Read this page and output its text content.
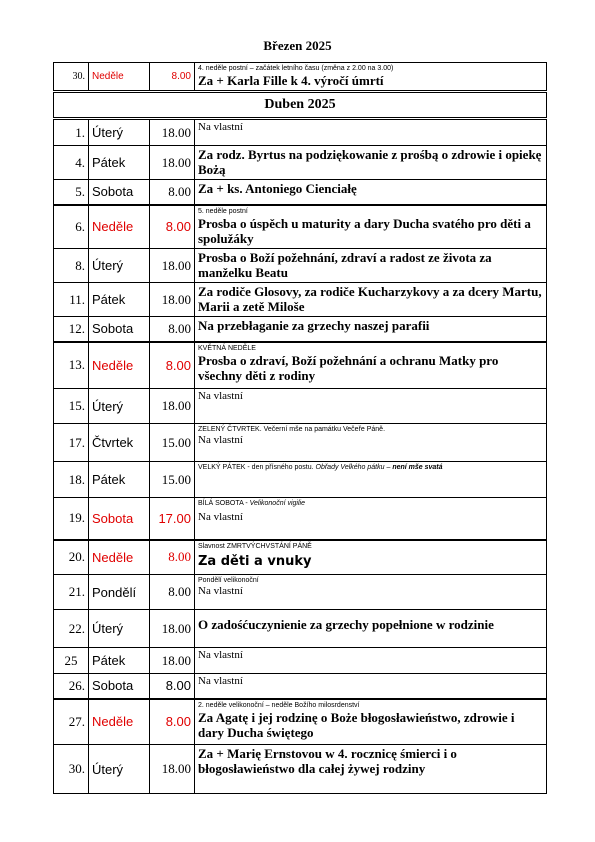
Březen 2025
30.	Neděle	8.00	4. neděle postní – začátek letního času (změna z 2.00 na 3.00)
Za + Karla Fille k 4. výročí úmrtí

Duben 2025			
1.	Úterý	18.00	Na vlastní

4.	Pátek	18.00	Za rodz. Byrtus na podziękowanie z prośbą o zdrowie i opiekę Bożą

5.	Sobota	8.00	Za + ks. Antoniego Cienciałę

6.	Neděle	8.00	5. neděle postní
Prosba o úspěch u maturity a dary Ducha svatého pro děti a spolužáky

8.	Úterý	18.00	Prosba o Boží požehnání, zdraví a radost ze života za manželku Beatu

11.	Pátek	18.00	Za rodiče Glosovy, za rodiče Kucharzykovy a za dcery Martu, Marii a zetě Miloše

12.	Sobota	8.00	Na przebłaganie za grzechy naszej parafii

13.	Neděle	8.00	KVĚTNÁ NEDĚLE
Prosba o zdraví, Boží požehnání a ochranu Matky pro všechny děti z rodiny

15.	Úterý	18.00	Na vlastní

17.	Čtvrtek	15.00	ZELENÝ ČTVRTEK. Večerní mše na památku Večeře Páně.
Na vlastní

18.	Pátek	15.00	VELKÝ PÁTEK - den přísného postu. Obřady Velkého pátku – není mše svatá

19.	Sobota	17.00	BÍLÁ SOBOTA - Velikonoční vigilie
Na vlastní

20.	Neděle	8.00	Slavnost ZMRTVÝCHVSTÁNÍ PÁNĚ
Za děti a vnuky

21.	Pondělí	8.00	Pondělí velikonoční
Na vlastní

22.	Úterý	18.00	O zadośćuczynienie za grzechy popełnione w rodzinie

25	Pátek	18.00	Na vlastní

26.	Sobota	8.00	Na vlastní

27.	Neděle	8.00	2. neděle velikonoční – neděle Božího milosrdenství
Za Agatę i jej rodzinę o Boże błogosławieństwo, zdrowie i dary Ducha świętego

30.	Úterý	18.00	Za + Marię Ernstovou w 4. rocznicę śmierci i o błogosławieństwo dla całej żywej rodziny
